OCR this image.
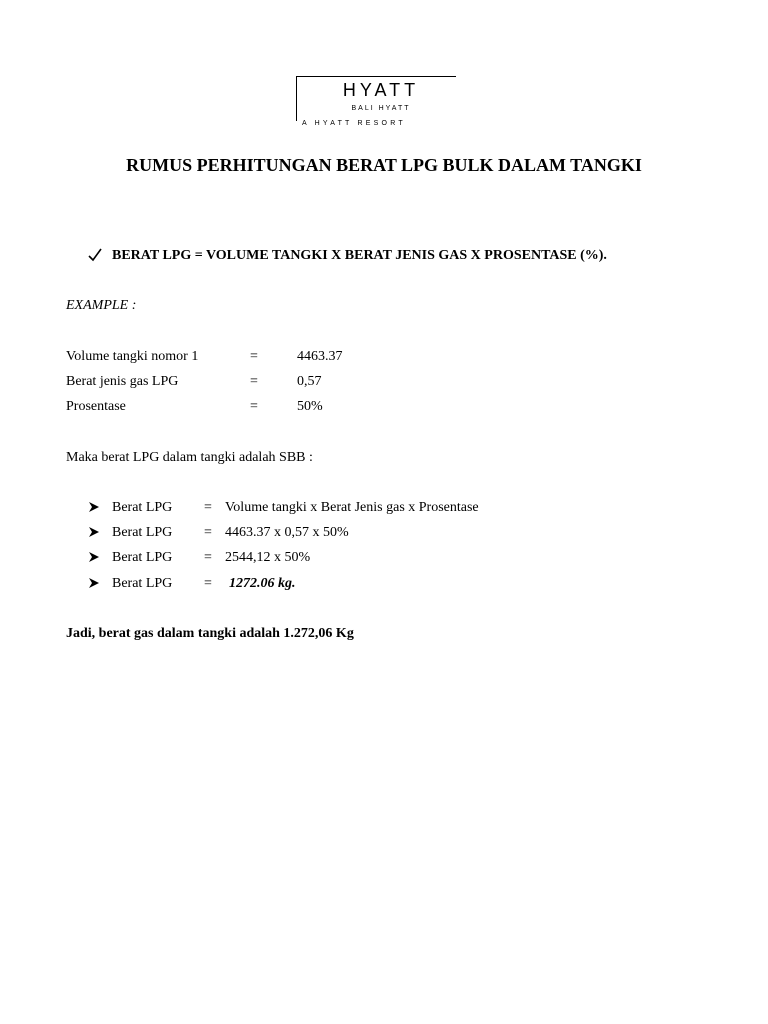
HYATT
BALI HYATT
A HYATT RESORT
RUMUS PERHITUNGAN BERAT LPG BULK DALAM TANGKI
BERAT LPG = VOLUME TANGKI X BERAT JENIS GAS X PROSENTASE (%).
EXAMPLE :
Volume tangki nomor 1	=	4463.37
Berat jenis gas LPG	=	0,57
Prosentase	=	50%
Maka berat LPG dalam tangki adalah SBB :
Berat LPG = Volume tangki x Berat Jenis gas x Prosentase
Berat LPG = 4463.37 x 0,57 x 50%
Berat LPG = 2544,12 x 50%
Berat LPG = 1272.06 kg.
Jadi, berat gas dalam tangki adalah 1.272,06 Kg
